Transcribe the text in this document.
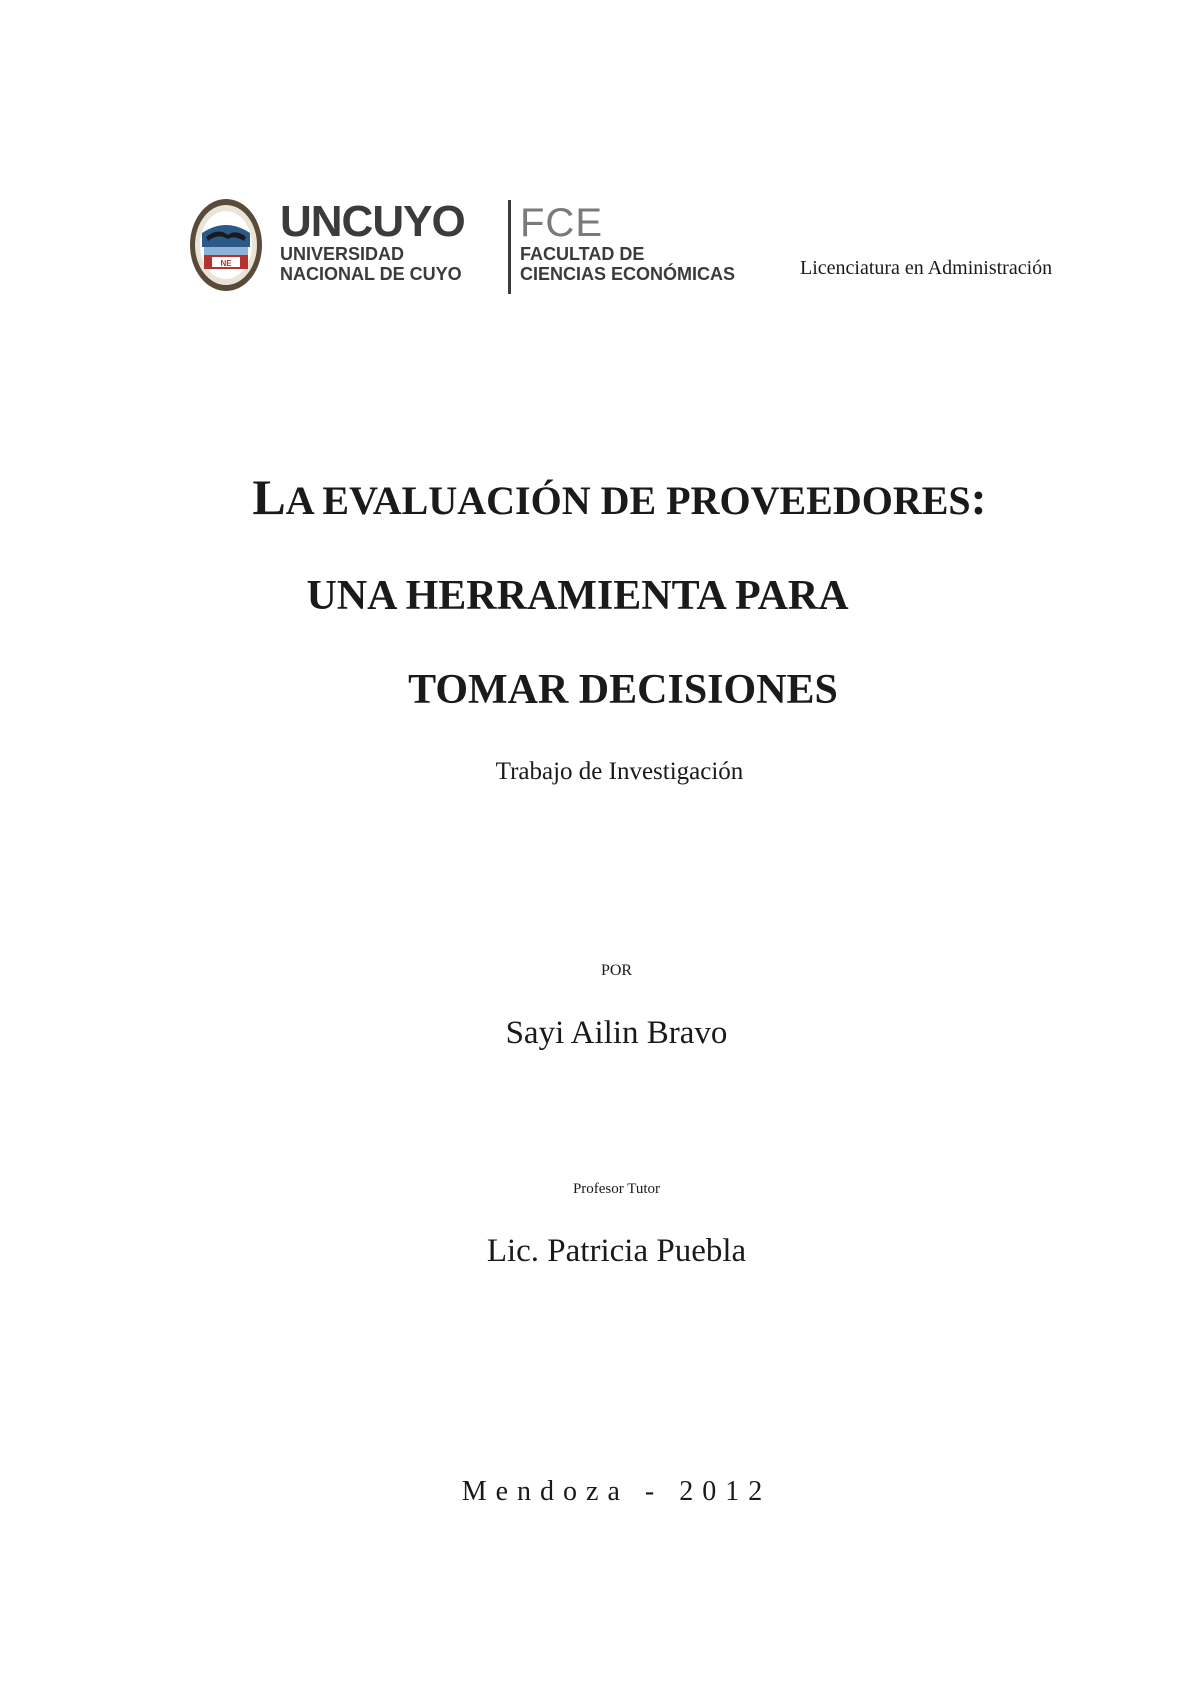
NE
UNCUYO
UNIVERSIDAD
NACIONAL DE CUYO
FCE
FACULTAD DE
CIENCIAS ECONÓMICAS	Licenciatura en Administración
LA EVALUACIÓN DE PROVEEDORES:
UNA HERRAMIENTA PARA
TOMAR DECISIONES
Trabajo de Investigación
POR
Sayi Ailin Bravo
Profesor Tutor
Lic. Patricia Puebla
Mendoza - 2012
